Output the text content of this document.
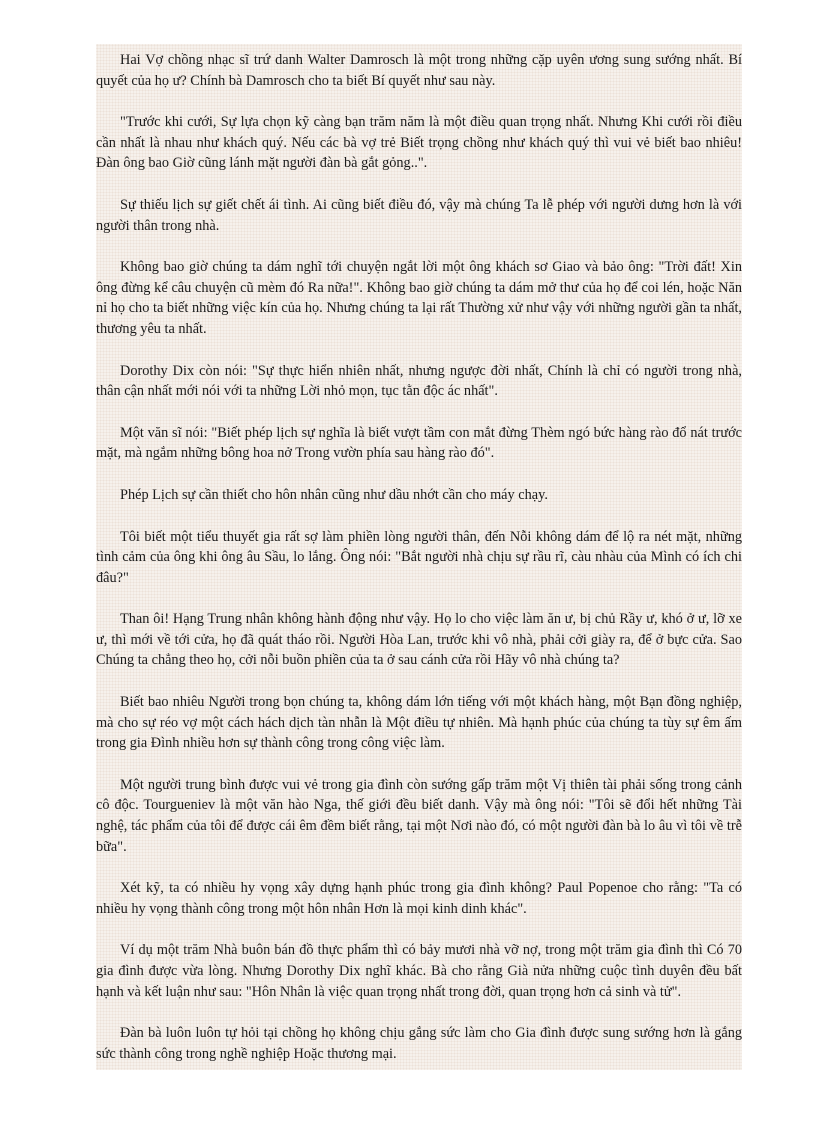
Hai Vợ chồng nhạc sĩ trứ danh Walter Damrosch là một trong những cặp uyên ương sung sướng nhất. Bí quyết của họ ư? Chính bà Damrosch cho ta biết Bí quyết như sau này.

"Trước khi cưới, Sự lựa chọn kỹ càng bạn trăm năm là một điều quan trọng nhất. Nhưng Khi cưới rồi điều cần nhất là nhau như khách quý. Nếu các bà vợ trẻ Biết trọng chồng như khách quý thì vui vẻ biết bao nhiêu! Đàn ông bao Giờ cũng lánh mặt người đàn bà gắt gỏng..".

Sự thiếu lịch sự giết chết ái tình. Ai cũng biết điều đó, vậy mà chúng Ta lễ phép với người dưng hơn là với người thân trong nhà.

Không bao giờ chúng ta dám nghĩ tới chuyện ngắt lời một ông khách sơ Giao và bảo ông: "Trời đất! Xin ông đừng kể câu chuyện cũ mèm đó Ra nữa!". Không bao giờ chúng ta dám mở thư của họ để coi lén, hoặc Năn nỉ họ cho ta biết những việc kín của họ. Nhưng chúng ta lại rất Thường xử như vậy với những người gần ta nhất, thương yêu ta nhất.

Dorothy Dix còn nói: "Sự thực hiển nhiên nhất, nhưng ngược đời nhất, Chính là chỉ có người trong nhà, thân cận nhất mới nói với ta những Lời nhỏ mọn, tục tằn độc ác nhất".

Một văn sĩ nói: "Biết phép lịch sự nghĩa là biết vượt tầm con mắt đừng Thèm ngó bức hàng rào đổ nát trước mặt, mà ngắm những bông hoa nở Trong vườn phía sau hàng rào đó".

Phép Lịch sự cần thiết cho hôn nhân cũng như dầu nhớt cần cho máy chạy.

Tôi biết một tiểu thuyết gia rất sợ làm phiền lòng người thân, đến Nỗi không dám để lộ ra nét mặt, những tình cảm của ông khi ông âu Sầu, lo lắng. Ông nói: "Bắt người nhà chịu sự rầu rĩ, càu nhàu của Mình có ích chi đâu?"

Than ôi! Hạng Trung nhân không hành động như vậy. Họ lo cho việc làm ăn ư, bị chủ Rầy ư, khó ở ư, lỡ xe ư, thì mới về tới cửa, họ đã quát tháo rồi. Người Hòa Lan, trước khi vô nhà, phải cởi giày ra, để ở bực cửa. Sao Chúng ta chẳng theo họ, cởi nỗi buồn phiền của ta ở sau cánh cửa rồi Hãy vô nhà chúng ta?

Biết bao nhiêu Người trong bọn chúng ta, không dám lớn tiếng với một khách hàng, một Bạn đồng nghiệp, mà cho sự réo vợ một cách hách dịch tàn nhẫn là Một điều tự nhiên. Mà hạnh phúc của chúng ta tùy sự êm ấm trong gia Đình nhiều hơn sự thành công trong công việc làm.

Một người trung bình được vui vẻ trong gia đình còn sướng gấp trăm một Vị thiên tài phải sống trong cảnh cô độc. Tourgueniev là một văn hào Nga, thế giới đều biết danh. Vậy mà ông nói: "Tôi sẽ đổi hết những Tài nghệ, tác phẩm của tôi để được cái êm đềm biết rằng, tại một Nơi nào đó, có một người đàn bà lo âu vì tôi về trễ bữa".

Xét kỹ, ta có nhiều hy vọng xây dựng hạnh phúc trong gia đình không? Paul Popenoe cho rằng: "Ta có nhiều hy vọng thành công trong một hôn nhân Hơn là mọi kinh dinh khác".

Ví dụ một trăm Nhà buôn bán đồ thực phẩm thì có bảy mươi nhà vỡ nợ, trong một trăm gia đình thì Có 70 gia đình được vừa lòng. Nhưng Dorothy Dix nghĩ khác. Bà cho rằng Già nửa những cuộc tình duyên đều bất hạnh và kết luận như sau: "Hôn Nhân là việc quan trọng nhất trong đời, quan trọng hơn cả sinh và tử".

Đàn bà luôn luôn tự hỏi tại chồng họ không chịu gắng sức làm cho Gia đình được sung sướng hơn là gắng sức thành công trong nghề nghiệp Hoặc thương mại.
